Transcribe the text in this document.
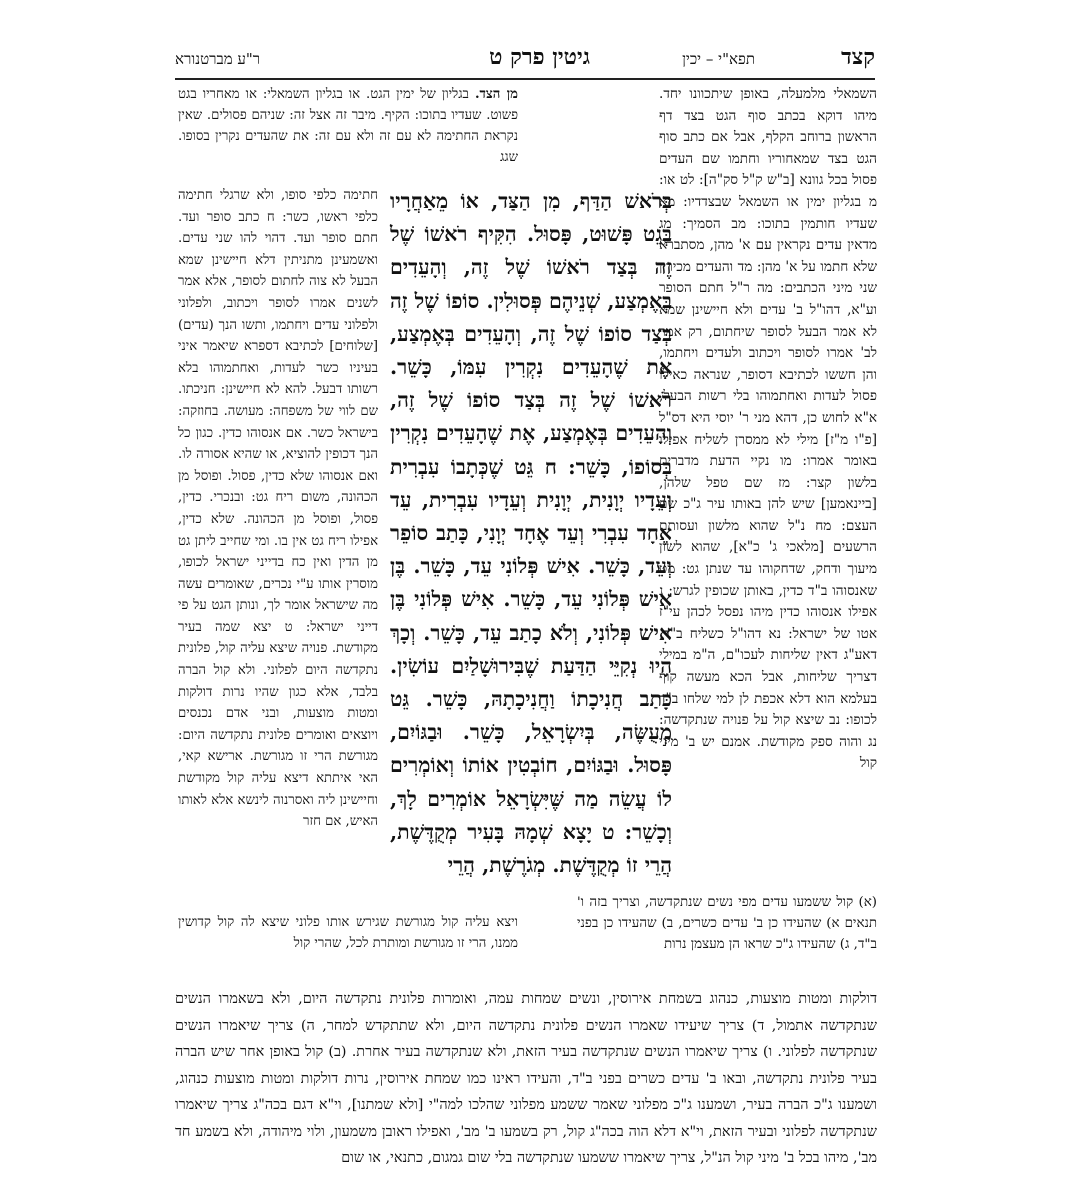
קצד
תפא"י – יכין
גיטין פרק ט
ר"ע מברטנורא
השמאלי מלמעלה, באופן שיתכוונו יחד. מיהו דוקא בכתב סוף הגט בצד דף הראשון ברוחב הקלף, אבל אם כתב סוף הגט בצד שמאחוריו וחתמו שם העדים פסול בכל גוונא [ב"ש ק"ל סק"ה]: לט או: מ בגליון ימין או השמאל שבצדדיו: מא שעדיו חותמין בתוכו: מב הסמיך: מג מדאין עדים נקראין עם א' מהן, מסתברא שלא חתמו על א' מהן: מד והעדים מכירין שני מיני הכתבים: מה ר"ל חתם הסופר וע"א, דהו"ל ב' עדים ולא חיישינן שמא לא אמר הבעל לסופר שיחתום, רק אמר לב' אמרו לסופר ויכתוב ולעדים ויחתמו, והן חששו לכתיבא דסופר, שנראה כאילו פסול לעדות ואחתמוהו בלי רשות הבעל, א"א לחוש כן, דהא מני ר' יוסי היא דס"ל [פ"ו מ"ז] מילי לא ממסרן לשליח אפילו באומר אמרו: מו נקיי הדעת מדברים בלשון קצר: מז שם טפל שלהן, [ביינאמען] שיש להן באותו עיר ג"כ שם העצם: מח נ"ל שהוא מלשון ועסותם הרשעים [מלאכי ג' כ"א], שהוא לשון מיעוך ודחק, שדחקוהו עד שנתן גט: מט שאנסוהו ב"ד כדין, באותן שכופין לגרש: נ אפילו אנסוהו כדין מיהו נפסל לכהן עי"ז אטו של ישראל: נא דהו"ל כשליח ב"ד, דאע"ג דאין שליחות לעכו"ם, ה"מ במילי דצריך שליחות, אבל הכא מעשה קוף בעלמא הוא דלא אכפת לן למי שלחו ב"ד לכופו: נב שיצא קול על פנויה שנתקדשה: נג והוה ספק מקודשת. אמנם יש ב' מיני קול
מן הצד. בגליון של ימין הגט. או בגליון השמאלי: או מאחריו בגט פשוט. שעדיו בתוכו: הקיף. מיבר זה אצל זה: שניהם פסולים. שאין נקראת החתימה לא עם זה ולא עם זה: את שהעדים נקרין בסופו. שגג
בְּרֹאשׁ הַדַּף, מִן הַצַּד, אוֹ מֵאַחֲרָיו בְּגֵט פָּשׁוּט, פָּסוּל. הִקִּיף רֹאשׁוֹ שֶׁל זֶה בְּצַד רֹאשׁוֹ שֶׁל זֶה, וְהָעֵדִים בְּאֶמְצַע, שְׁנֵיהֶם פְּסוּלִין. סוֹפוֹ שֶׁל זֶה בְּצַד סוֹפוֹ שֶׁל זֶה, וְהָעֵדִים בְּאֶמְצַע, אֶת שֶׁהָעֵדִים נִקְרִין עִמּוֹ, כָּשֵׁר. רֹאשׁוֹ שֶׁל זֶה בְּצַד סוֹפוֹ שֶׁל זֶה, וְהָעֵדִים בְּאֶמְצַע, אֶת שֶׁהָעֵדִים נִקְרִין בְּסוֹפוֹ, כָּשֵׁר: ח גֵּט שֶׁכְּתָבוֹ עִבְרִית וְעֵדָיו יְוָנִית, יְוָנִית וְעֵדָיו עִבְרִית, עֵד אֶחָד עִבְרִי וְעֵד אֶחָד יְוָנִי, כָּתַב סוֹפֵר וְעֵד, כָּשֵׁר. אִישׁ פְּלוֹנִי עֵד, כָּשֵׁר. בֶּן אִישׁ פְּלוֹנִי עֵד, כָּשֵׁר. אִישׁ פְּלוֹנִי בֶּן אִישׁ פְּלוֹנִי, וְלֹא כָתַב עֵד, כָּשֵׁר. וְכָךְ הָיוּ נְקִיֵּי הַדַּעַת שֶׁבִּירוּשָׁלַיִם עוֹשִׂין. כָּתַב חֲנִיכָתוֹ וַחֲנִיכָתָהּ, כָּשֵׁר. גֵּט מְעֻשֶּׂה, בְּיִשְׂרָאֵל, כָּשֵׁר. וּבַגּוֹיִם, פָּסוּל. וּבַגּוֹיִם, חוֹבְטִין אוֹתוֹ וְאוֹמְרִים לוֹ עֲשֵׂה מַה שֶּׁיִּשְׂרָאֵל אוֹמְרִים לָךְ, וְכָשֵׁר: ט יָצָא שְׁמָהּ בָּעִיר מְקֻדֶּשֶׁת, הֲרֵי זוֹ מְקֻדֶּשֶׁת. מְגֹרֶשֶׁת, הֲרֵי
חתימה כלפי סופו, ולא שרגלי חתימה כלפי ראשו, כשר: ח כתב סופר ועד. חתם סופר ועד. דהוי להו שני עדים. ואשמעינן מתניתין דלא חיישינן שמא הבעל לא צוה לחתום לסופר, אלא אמר לשנים אמרו לסופר ויכתוב, ולפלוני ולפלוני עדים ויחתמו, ותשו הנך (עדים) [שלוחים] לכתיבא דספרא שיאמר איני בעיניו כשר לעדות, ואחתמוהו בלא רשותו דבעל. להא לא חיישינן: חניכתו. שם לווי של משפחה: מעושה. בחוזקה: בישראל כשר. אם אנסוהו כדין. כגון כל הנך דכופין להוציא, או שהיא אסורה לו. ואם אנסוהו שלא כדין, פסול. ופוסל מן הכהונה, משום ריח גט: ובנכרי. כדין, פסול, ופוסל מן הכהונה. שלא כדין, אפילו ריח גט אין בו. ומי שחייב ליתן גט מן הדין ואין כח בדייני ישראל לכופו, מוסרין אותו ע"י נכרים, שאומרים עשה מה שישראל אומר לך, ונותן הגט על פי דייני ישראל: ט יצא שמה בעיר מקודשת. פנויה שיצא עליה קול, פלונית נתקדשה היום לפלוני. ולא קול הברה בלבד, אלא כגון שהיו נרות דולקות ומטות מוצעות, ובני אדם נכנסים ויוצאים ואומרים פלונית נתקדשה היום: מגורשת הרי זו מגורשת. ארישא קאי, האי איתתא דיצא עליה קול מקודשת וחיישינן ליה ואסרנוה לינשא אלא לאותו האיש, אם חזר
ויצא עליה קול מגורשת שגירש אותו פלוני שיצא לה קול קדושין ממנו, הרי זו מגורשת ומותרת לכל, שהרי קול
(א) קול ששמעו עדים מפי נשים שנתקדשה, וצריך בזה ו' תנאים א) שהעידו כן ב' עדים כשרים, ב) שהעידו כן בפני ב"ד, ג) שהעידו ג"כ שראו הן מעצמן נרות
דולקות ומטות מוצעות, כנהוג בשמחת אירוסין, ונשים שמחות עמה, ואומרות פלונית נתקדשה היום, ולא בשאמרו הנשים שנתקדשה אתמול, ד) צריך שיעידו שאמרו הנשים פלונית נתקדשה היום, ולא שתתקדש למחר, ה) צריך שיאמרו הנשים שנתקדשה לפלוני. ו) צריך שיאמרו הנשים שנתקדשה בעיר הזאת, ולא שנתקדשה בעיר אחרת. (ב) קול באופן אחר שיש הברה בעיר פלונית נתקדשה, ובאו ב' עדים כשרים בפני ב"ד, והעידו ראינו כמו שמחת אירוסין, נרות דולקות ומטות מוצעות כנהוג, ושמענו ג"כ הברה בעיר, ושמענו ג"כ מפלוני שאמר ששמע מפלוני שהלכו למה"י [ולא שמתנו], וי"א דגם בכה"ג צריך שיאמרו שנתקדשה לפלוני ובעיר הזאת, וי"א דלא הוה בכה"ג קול, רק בשמעו ב' מב', ואפילו ראובן משמעון, ולוי מיהודה, ולא בשמע חד מב', מיהו בכל ב' מיני קול הנ"ל, צריך שיאמרו ששמעו שנתקדשה בלי שום גמגום, כתנאי, או שום
